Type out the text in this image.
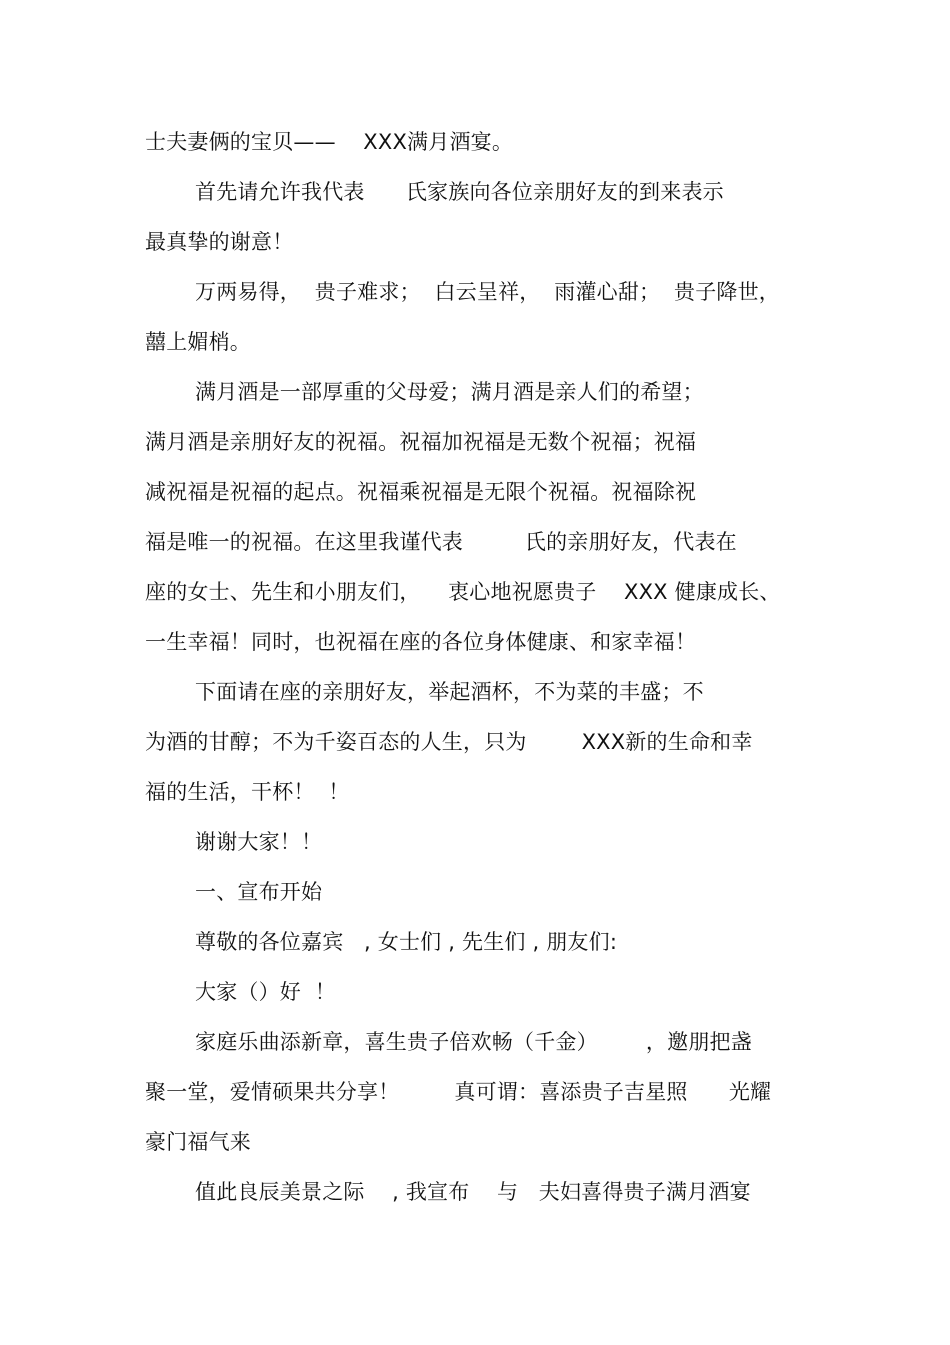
士夫妻俩的宝贝——    XXX满月酒宴。
首先请允许我代表      氏家族向各位亲朋好友的到来表示
最真挚的谢意！
万两易得，  贵子难求；  白云呈祥，  雨灌心甜；  贵子降世，
囍上媚梢。
满月酒是一部厚重的父母爱；满月酒是亲人们的希望；
满月酒是亲朋好友的祝福。祝福加祝福是无数个祝福；祝福
减祝福是祝福的起点。祝福乘祝福是无限个祝福。祝福除祝
福是唯一的祝福。在这里我谨代表         氏的亲朋好友，代表在
座的女士、先生和小朋友们，    衷心地祝愿贵子    XXX 健康成长、
一生幸福！同时，也祝福在座的各位身体健康、和家幸福！
下面请在座的亲朋好友，举起酒杯，不为菜的丰盛；不
为酒的甘醇；不为千姿百态的人生，只为        XXX新的生命和幸
福的生活，干杯！  ！
谢谢大家！！
一、宣布开始
尊敬的各位嘉宾   , 女士们 , 先生们 , 朋友们:
大家（）好  ！
家庭乐曲添新章，喜生贵子倍欢畅（千金）       ，邀朋把盏
聚一堂，爱情硕果共分享！        真可谓：喜添贵子吉星照      光耀
豪门福气来
值此良辰美景之际    , 我宣布    与   夫妇喜得贵子满月酒宴
